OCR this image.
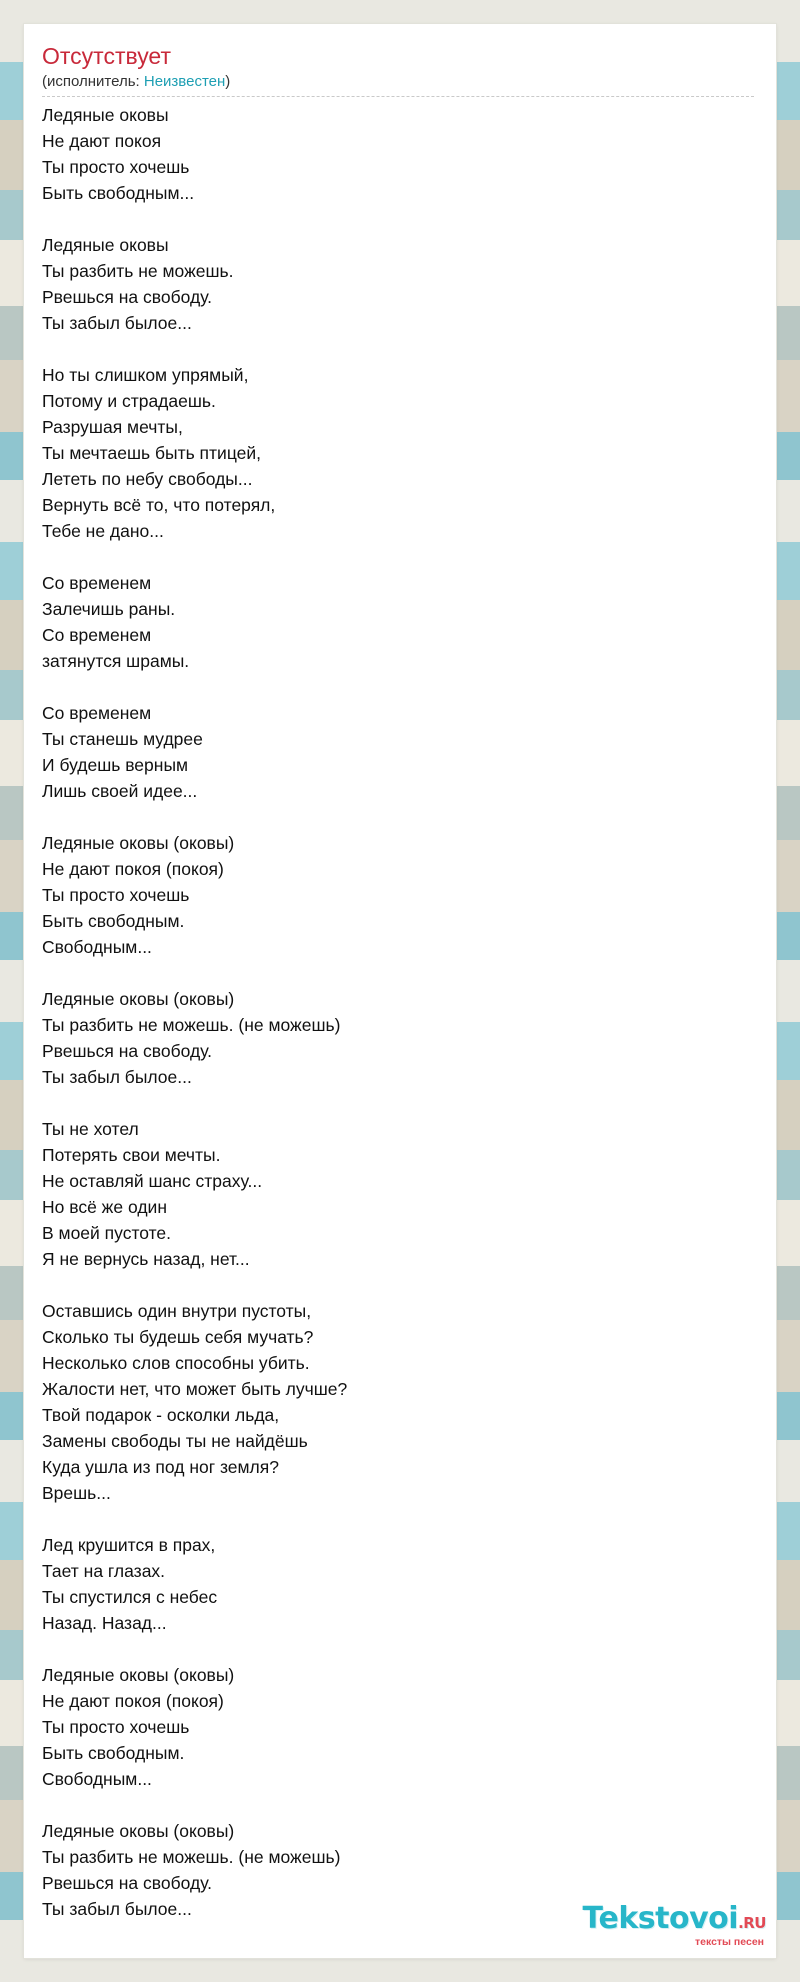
Отсутствует
(исполнитель: Неизвестен)
Ледяные оковы
Не дают покоя
Ты просто хочешь
Быть свободным...
Ледяные оковы
Ты разбить не можешь.
Рвешься на свободу.
Ты забыл былое...
Но ты слишком упрямый,
Потому и страдаешь.
Разрушая мечты,
Ты мечтаешь быть птицей,
Лететь по небу свободы...
Вернуть всё то, что потерял,
Тебе не дано...
Со временем
Залечишь раны.
Со временем
затянутся шрамы.
Со временем
Ты станешь мудрее
И будешь верным
Лишь своей идее...
Ледяные оковы (оковы)
Не дают покоя (покоя)
Ты просто хочешь
Быть свободным.
Свободным...
Ледяные оковы (оковы)
Ты разбить не можешь. (не можешь)
Рвешься на свободу.
Ты забыл былое...
Ты не хотел
Потерять свои мечты.
Не оставляй шанс страху...
Но всё же один
В моей пустоте.
Я не вернусь назад, нет...
Оставшись один внутри пустоты,
Сколько ты будешь себя мучать?
Несколько слов способны убить.
Жалости нет, что может быть лучше?
Твой подарок - осколки льда,
Замены свободы ты не найдёшь
Куда ушла из под ног земля?
Врешь...
Лед крушится в прах,
Тает на глазах.
Ты спустился с небес
Назад. Назад...
Ледяные оковы (оковы)
Не дают покоя (покоя)
Ты просто хочешь
Быть свободным.
Свободным...
Ледяные оковы (оковы)
Ты разбить не можешь. (не можешь)
Рвешься на свободу.
Ты забыл былое...	Tekstovoi.RU
тексты песен
